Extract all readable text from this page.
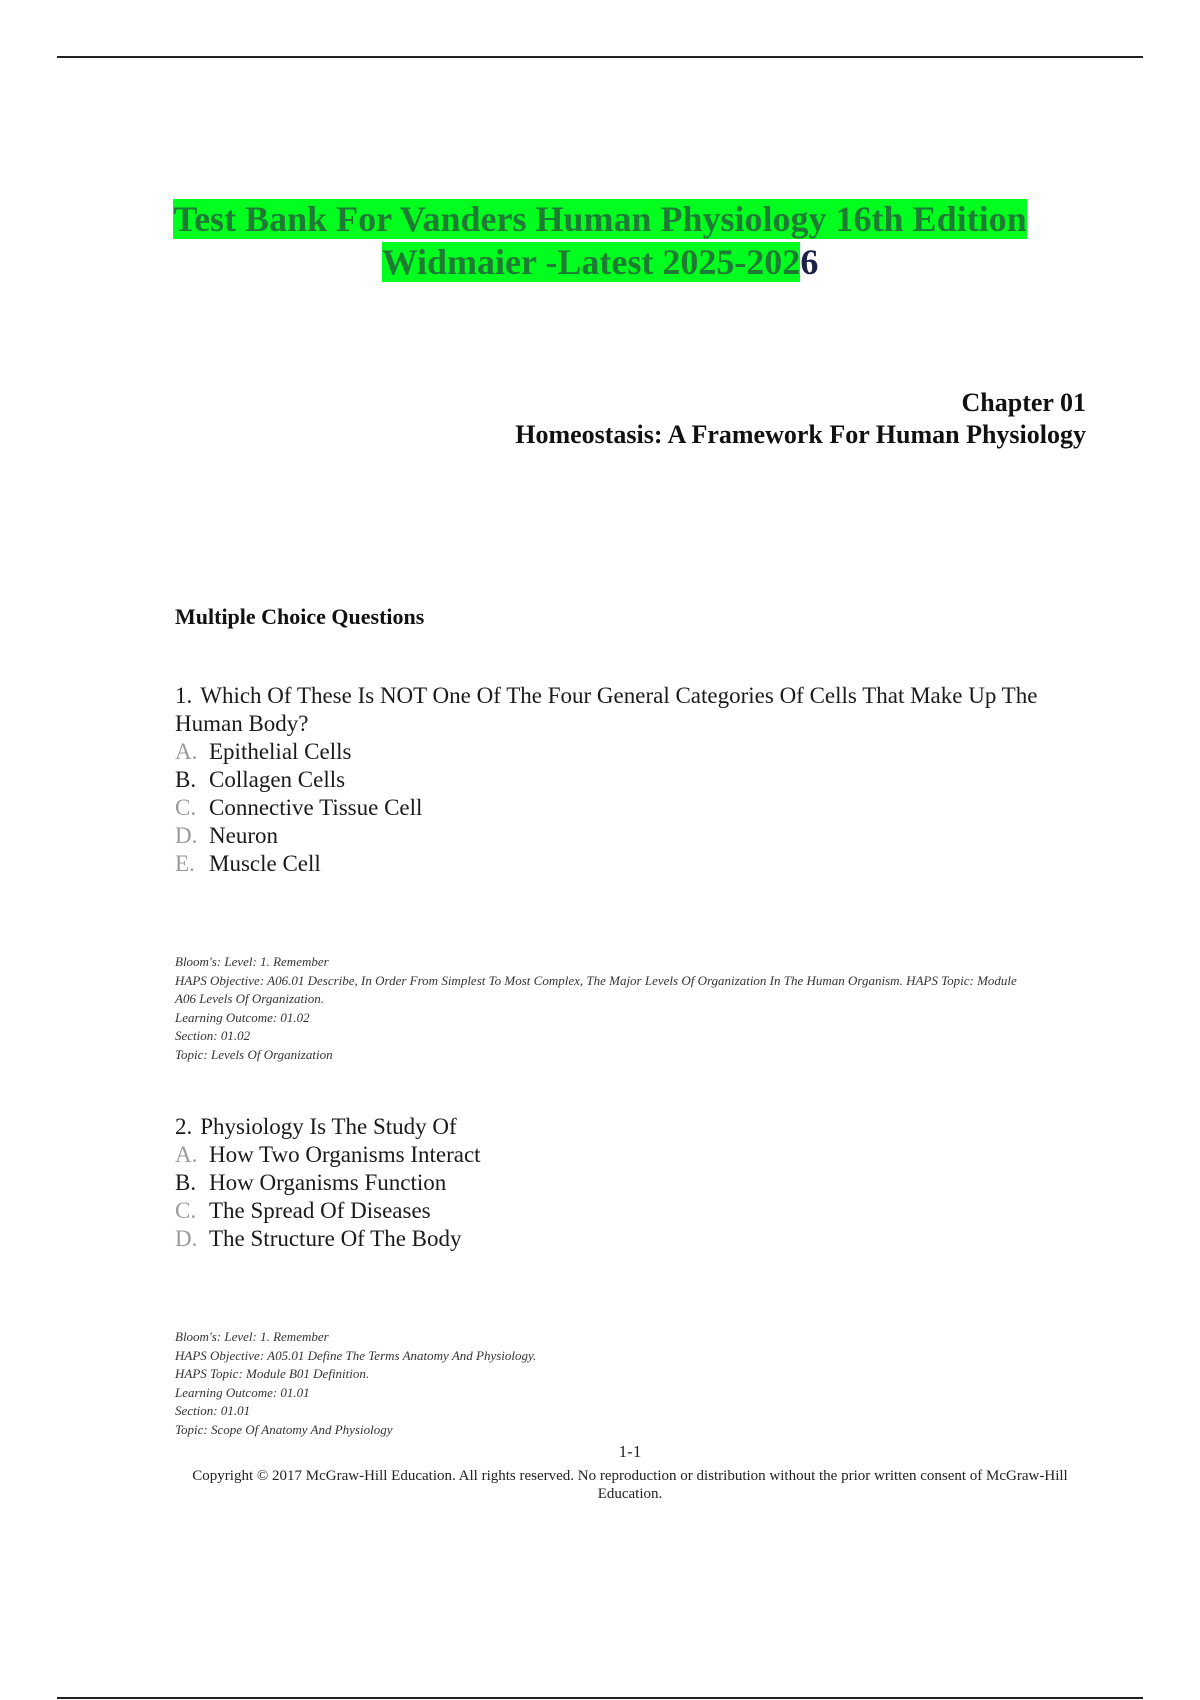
Test Bank For Vanders Human Physiology 16th Edition
Widmaier -Latest 2025-2026
Chapter 01
Homeostasis: A Framework For Human Physiology
Multiple Choice Questions
1. Which Of These Is NOT One Of The Four General Categories Of Cells That Make Up The Human Body?
A. Epithelial Cells
B. Collagen Cells
C. Connective Tissue Cell
D. Neuron
E. Muscle Cell
Bloom's: Level: 1. Remember
HAPS Objective: A06.01 Describe, In Order From Simplest To Most Complex, The Major Levels Of Organization In The Human Organism. HAPS Topic: Module A06 Levels Of Organization.
Learning Outcome: 01.02
Section: 01.02
Topic: Levels Of Organization
2. Physiology Is The Study Of
A. How Two Organisms Interact
B. How Organisms Function
C. The Spread Of Diseases
D. The Structure Of The Body
Bloom's: Level: 1. Remember
HAPS Objective: A05.01 Define The Terms Anatomy And Physiology.
HAPS Topic: Module B01 Definition.
Learning Outcome: 01.01
Section: 01.01
Topic: Scope Of Anatomy And Physiology
1-1
Copyright © 2017 McGraw-Hill Education. All rights reserved. No reproduction or distribution without the prior written consent of McGraw-Hill Education.
